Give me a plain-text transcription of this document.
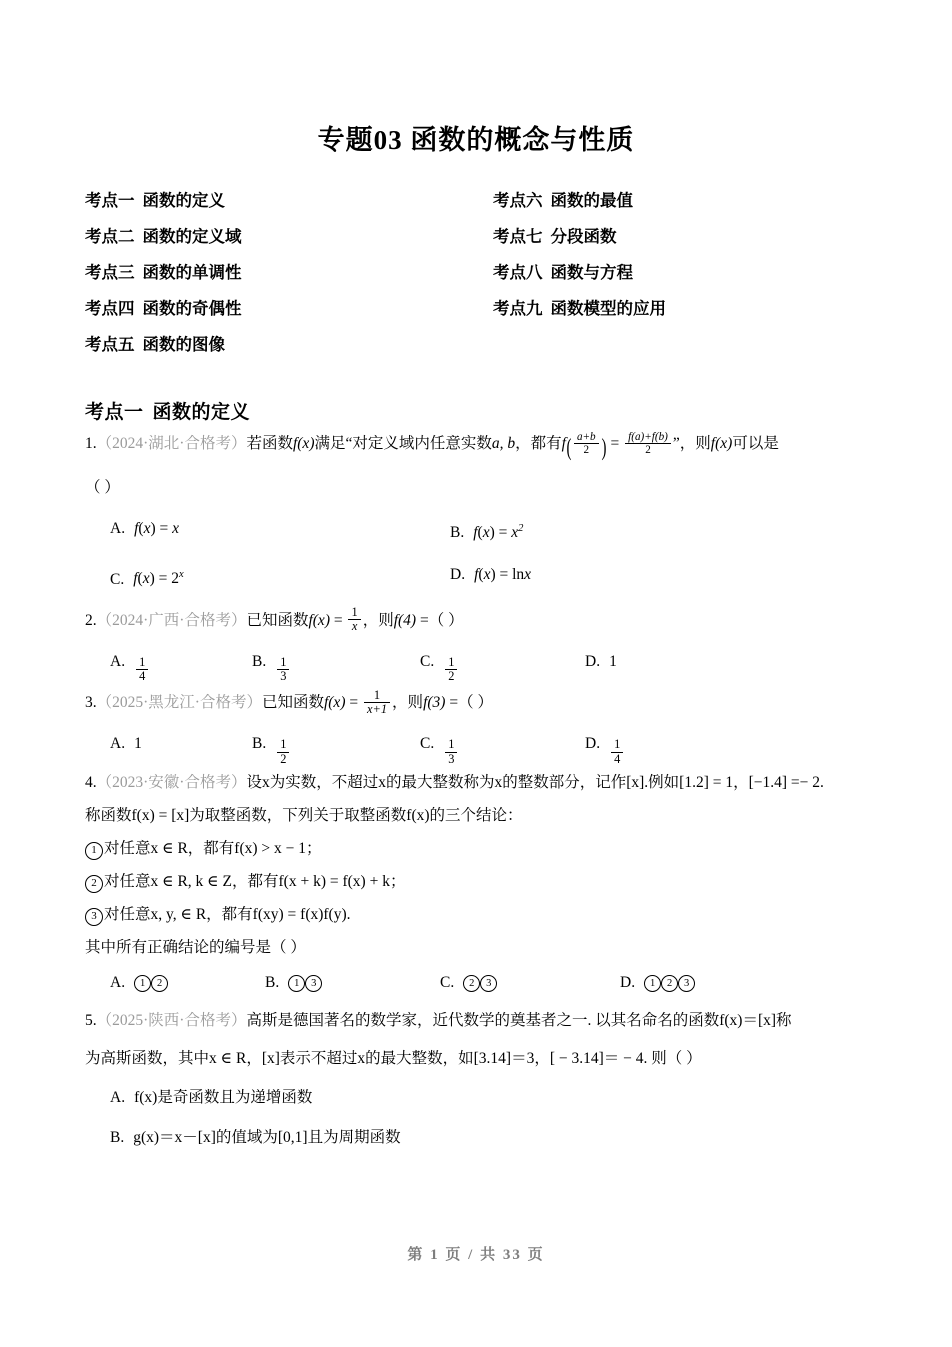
专题03 函数的概念与性质
考点一 函数的定义	考点六 函数的最值
考点二 函数的定义域	考点七 分段函数
考点三 函数的单调性	考点八 函数与方程
考点四 函数的奇偶性	考点九 函数模型的应用
考点五 函数的图像
考点一 函数的定义
1.（2024·湖北·合格考）若函数f(x)满足“对定义域内任意实数a, b，都有$f( \frac{a+b}{2}$ ) = $\frac{f(a)+f(b)}{2}$ ”，则f(x)可以是
（ ）
A. f(x) = x	B. $f(x) = x^2$
C. $f(x) = 2^x$	D. f(x) = lnx
2.（2024·广西·合格考）已知函数$f(x) = \frac{1}{x}$ ，则f(4) =（ ）
A. $\frac{1}{4}$	B. $\frac{1}{3}$	C. $\frac{1}{2}$	D. 1
3.（2025·黑龙江·合格考）已知函数$f(x) = \frac{1}{x+1}$ ，则f(3) =（ ）
A. 1	B. $\frac{1}{2}$	C. $\frac{1}{3}$	D. $\frac{1}{4}$
4.（2023·安徽·合格考）设x为实数，不超过x的最大整数称为x的整数部分，记作[x].例如[1.2] = 1，[−1.4] =− 2.
称函数f(x) = [x]为取整函数，下列关于取整函数f(x)的三个结论：
1 对任意x ∈ R，都有f(x) > x − 1；
2 对任意x ∈ R, k ∈ Z，都有f(x + k) = f(x) + k；
3 对任意x, y, ∈ R，都有f(xy) = f(x)f(y).
其中所有正确结论的编号是（ ）
A.	1 2	B.	1 3	C.	2 3	D.	1 2 3
5.（2025·陕西·合格考）高斯是德国著名的数学家，近代数学的奠基者之一. 以其名命名的函数f(x)＝[x]称
为高斯函数，其中x ∈ R，[x]表示不超过x的最大整数，如[3.14]＝3，[ − 3.14]＝ − 4. 则（ ）
A. f(x)是奇函数且为递增函数
B. g(x)＝x－[x]的值域为[0,1]且为周期函数
第 1 页 / 共 33 页
